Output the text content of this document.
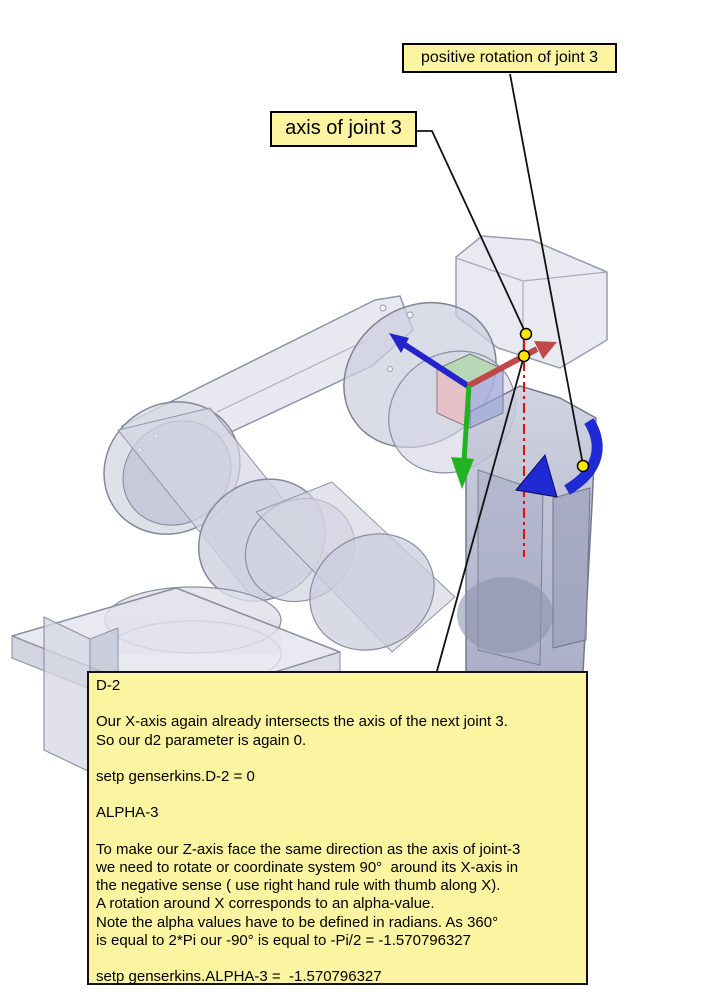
axis of joint 3
positive rotation of joint 3
D-2

Our X-axis again already intersects the axis of the next joint 3.
So our d2 parameter is again 0.

setp genserkins.D-2 = 0

ALPHA-3

To make our Z-axis face the same direction as the axis of joint-3
we need to rotate or coordinate system 90°  around its X-axis in
the negative sense ( use right hand rule with thumb along X).
A rotation around X corresponds to an alpha-value.
Note the alpha values have to be defined in radians. As 360°
is equal to 2*Pi our -90° is equal to -Pi/2 = -1.570796327

setp genserkins.ALPHA-3 =  -1.570796327
